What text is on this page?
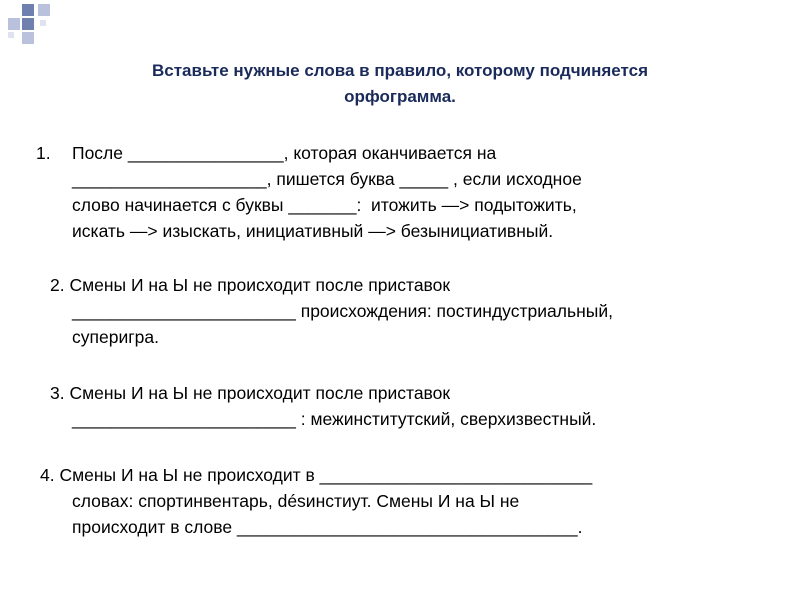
Вставьте нужные слова в правило, которому подчиняется
орфограмма.
1. После ________________, которая оканчивается на
____________________, пишется буква _____ , если исходное
слово начинается с буквы _______:  итожить —> подытожить,
искать —> изыскать, инициативный —> безынициативный.
2. Смены И на Ы не происходит после приставок
_______________________ происхождения: постиндустриальный,
суперигра.
3. Смены И на Ы не происходит после приставок
_______________________ : межинститутский, сверхизвестный.
4. Смены И на Ы не происходит в ____________________________
словах: спортинвентарь, désинстиут. Смены И на Ы не
происходит в слове ___________________________________.
